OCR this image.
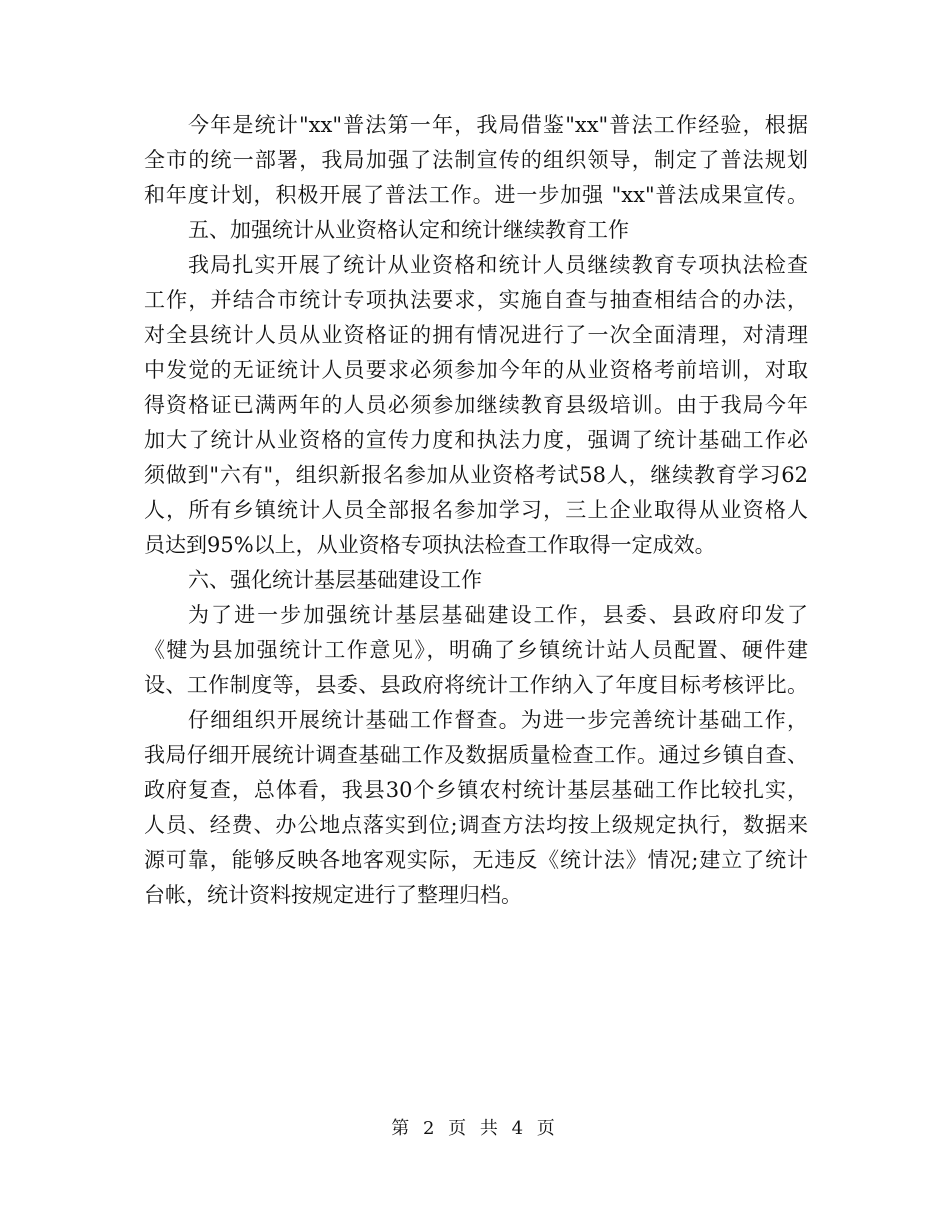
今年是统计"xx"普法第一年，我局借鉴"xx"普法工作经验，根据
全市的统一部署，我局加强了法制宣传的组织领导，制定了普法规划
和年度计划，积极开展了普法工作。进一步加强 "xx"普法成果宣传。
五、加强统计从业资格认定和统计继续教育工作
我局扎实开展了统计从业资格和统计人员继续教育专项执法检查
工作，并结合市统计专项执法要求，实施自查与抽查相结合的办法，
对全县统计人员从业资格证的拥有情况进行了一次全面清理，对清理
中发觉的无证统计人员要求必须参加今年的从业资格考前培训，对取
得资格证已满两年的人员必须参加继续教育县级培训。由于我局今年
加大了统计从业资格的宣传力度和执法力度，强调了统计基础工作必
须做到"六有"，组织新报名参加从业资格考试58人，继续教育学习62
人，所有乡镇统计人员全部报名参加学习，三上企业取得从业资格人
员达到95%以上，从业资格专项执法检查工作取得一定成效。
六、强化统计基层基础建设工作
为了进一步加强统计基层基础建设工作，县委、县政府印发了
《犍为县加强统计工作意见》，明确了乡镇统计站人员配置、硬件建
设、工作制度等，县委、县政府将统计工作纳入了年度目标考核评比。
仔细组织开展统计基础工作督查。为进一步完善统计基础工作，
我局仔细开展统计调查基础工作及数据质量检查工作。通过乡镇自查、
政府复查，总体看，我县30个乡镇农村统计基层基础工作比较扎实，
人员、经费、办公地点落实到位;调查方法均按上级规定执行，数据来
源可靠，能够反映各地客观实际，无违反《统计法》情况;建立了统计
台帐，统计资料按规定进行了整理归档。
第 2 页 共 4 页
